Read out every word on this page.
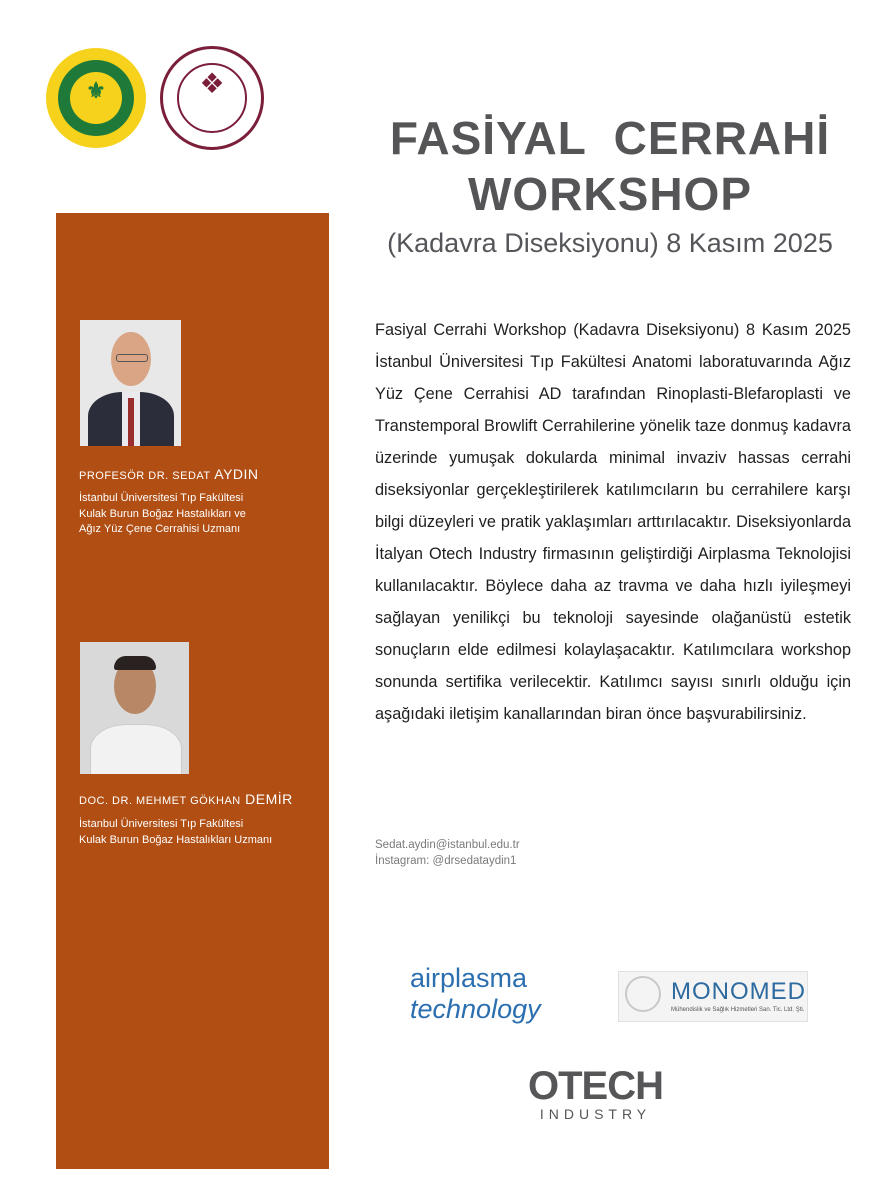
⚜
1453
❖
FASİYAL  CERRAHİ
WORKSHOP
(Kadavra Diseksiyonu) 8 Kasım 2025
PROFESÖR DR. SEDAT AYDIN
İstanbul Üniversitesi Tıp Fakültesi
Kulak Burun Boğaz Hastalıkları ve
Ağız Yüz Çene Cerrahisi Uzmanı
DOC. DR. MEHMET GÖKHAN DEMİR
İstanbul Üniversitesi Tıp Fakültesi
Kulak Burun Boğaz Hastalıkları Uzmanı
Fasiyal Cerrahi Workshop (Kadavra Diseksiyonu) 8 Kasım 2025 İstanbul Üniversitesi Tıp Fakültesi Anatomi laboratuvarında Ağız Yüz Çene Cerrahisi AD tarafından Rinoplasti-Blefaroplasti ve Transtemporal Browlift Cerrahilerine yönelik taze donmuş kadavra üzerinde yumuşak dokularda minimal invaziv hassas cerrahi diseksiyonlar gerçekleştirilerek katılımcıların bu cerrahilere karşı bilgi düzeyleri ve pratik yaklaşımları arttırılacaktır. Diseksiyonlarda İtalyan Otech Industry firmasının geliştirdiği Airplasma Teknolojisi kullanılacaktır. Böylece daha az travma ve daha hızlı iyileşmeyi sağlayan yenilikçi bu teknoloji sayesinde olağanüstü estetik sonuçların elde edilmesi kolaylaşacaktır. Katılımcılara workshop sonunda sertifika verilecektir. Katılımcı sayısı sınırlı olduğu için aşağıdaki iletişim kanallarından biran önce başvurabilirsiniz.
Sedat.aydin@istanbul.edu.tr
İnstagram: @drsedataydin1
airplasma
technology
MONOMED
Mühendislik ve Sağlık Hizmetleri San. Tic. Ltd. Şti.
OTECH
INDUSTRY
